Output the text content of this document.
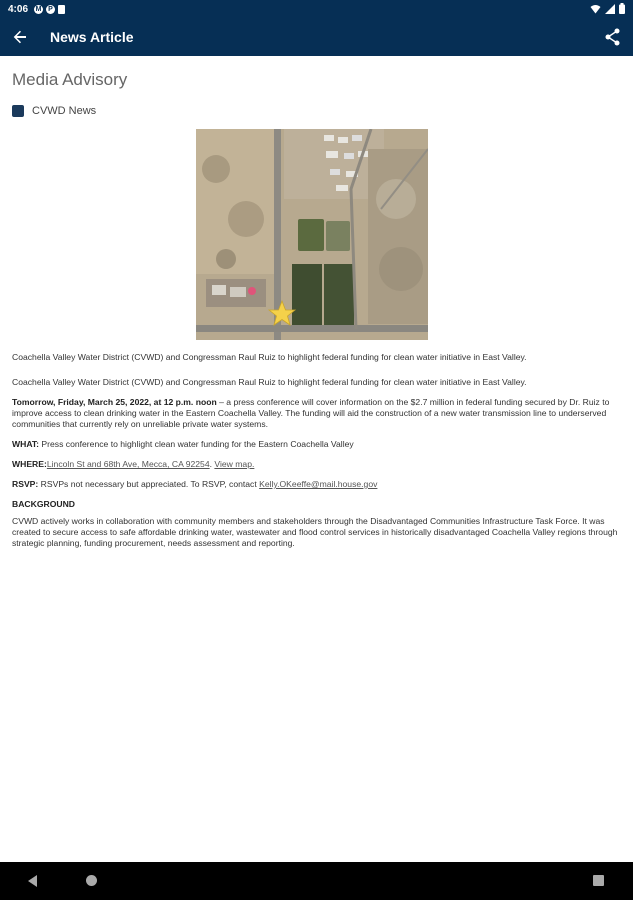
4:06 M P
News Article
Media Advisory
CVWD News

Coachella Valley Water District (CVWD) and Congressman Raul Ruiz to highlight federal funding for clean water initiative in East Valley.

Coachella Valley Water District (CVWD) and Congressman Raul Ruiz to highlight federal funding for clean water initiative in East Valley.

Tomorrow, Friday, March 25, 2022, at 12 p.m. noon – a press conference will cover information on the $2.7 million in federal funding secured by Dr. Ruiz to improve access to clean drinking water in the Eastern Coachella Valley. The funding will aid the construction of a new water transmission line to underserved communities that currently rely on unreliable private water systems.

WHAT: Press conference to highlight clean water funding for the Eastern Coachella Valley

WHERE:Lincoln St and 68th Ave, Mecca, CA 92254. View map.

RSVP: RSVPs not necessary but appreciated. To RSVP, contact Kelly.OKeeffe@mail.house.gov

BACKGROUND

CVWD actively works in collaboration with community members and stakeholders through the Disadvantaged Communities Infrastructure Task Force. It was created to secure access to safe affordable drinking water, wastewater and flood control services in historically disadvantaged Coachella Valley regions through strategic planning, funding procurement, needs assessment and reporting.
